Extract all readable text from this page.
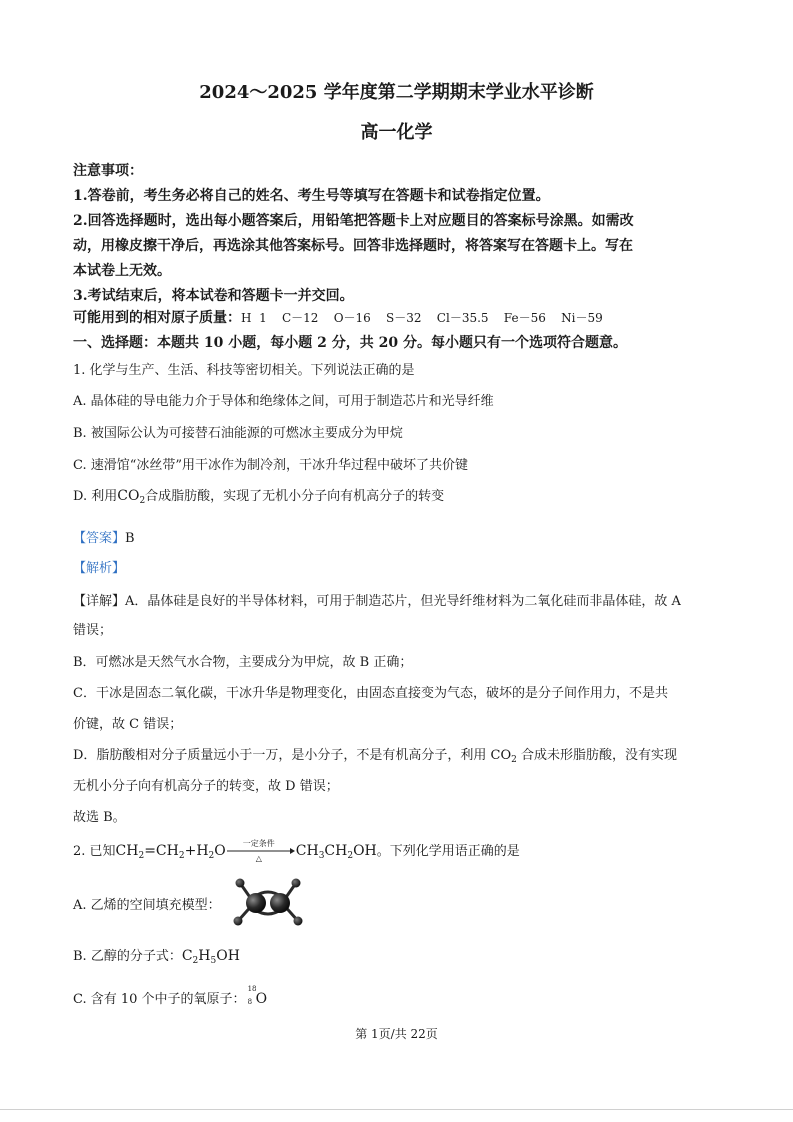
2024～2025 学年度第二学期期末学业水平诊断
高一化学
注意事项：
1.答卷前，考生务必将自己的姓名、考生号等填写在答题卡和试卷指定位置。
2.回答选择题时，选出每小题答案后，用铅笔把答题卡上对应题目的答案标号涂黑。如需改
动，用橡皮擦干净后，再选涂其他答案标号。回答非选择题时，将答案写在答题卡上。写在
本试卷上无效。
3.考试结束后，将本试卷和答题卡一并交回。
可能用到的相对原子质量：H  1    C－12    O－16    S－32    Cl－35.5    Fe－56    Ni－59
一、选择题：本题共 10 小题，每小题 2 分，共 20 分。每小题只有一个选项符合题意。
1. 化学与生产、生活、科技等密切相关。下列说法正确的是
A. 晶体硅的导电能力介于导体和绝缘体之间，可用于制造芯片和光导纤维
B. 被国际公认为可接替石油能源的可燃冰主要成分为甲烷
C. 速滑馆“冰丝带”用干冰作为制冷剂，干冰升华过程中破坏了共价键
D. 利用$CO_2$合成脂肪酸，实现了无机小分子向有机高分子的转变
【答案】B
【解析】
【详解】A．晶体硅是良好的半导体材料，可用于制造芯片，但光导纤维材料为二氧化硅而非晶体硅，故 A
错误；
B．可燃冰是天然气水合物，主要成分为甲烷，故 B 正确；
C．干冰是固态二氧化碳，干冰升华是物理变化，由固态直接变为气态，破坏的是分子间作用力，不是共
价键，故 C 错误；
D．脂肪酸相对分子质量远小于一万，是小分子，不是有机高分子，利用 $CO_2$ 合成未形脂肪酸，没有实现
无机小分子向有机高分子的转变，故 D 错误；
故选 B。
2. 已知$CH_2=CH_2+H_2O$	一定条件
△	$CH_3CH_2OH$。下列化学用语正确的是
A. 乙烯的空间填充模型：
B. 乙醇的分子式：$C_2H_5OH$
C. 含有 10 个中子的氧原子：
18
8 O
第 1页/共 22页
